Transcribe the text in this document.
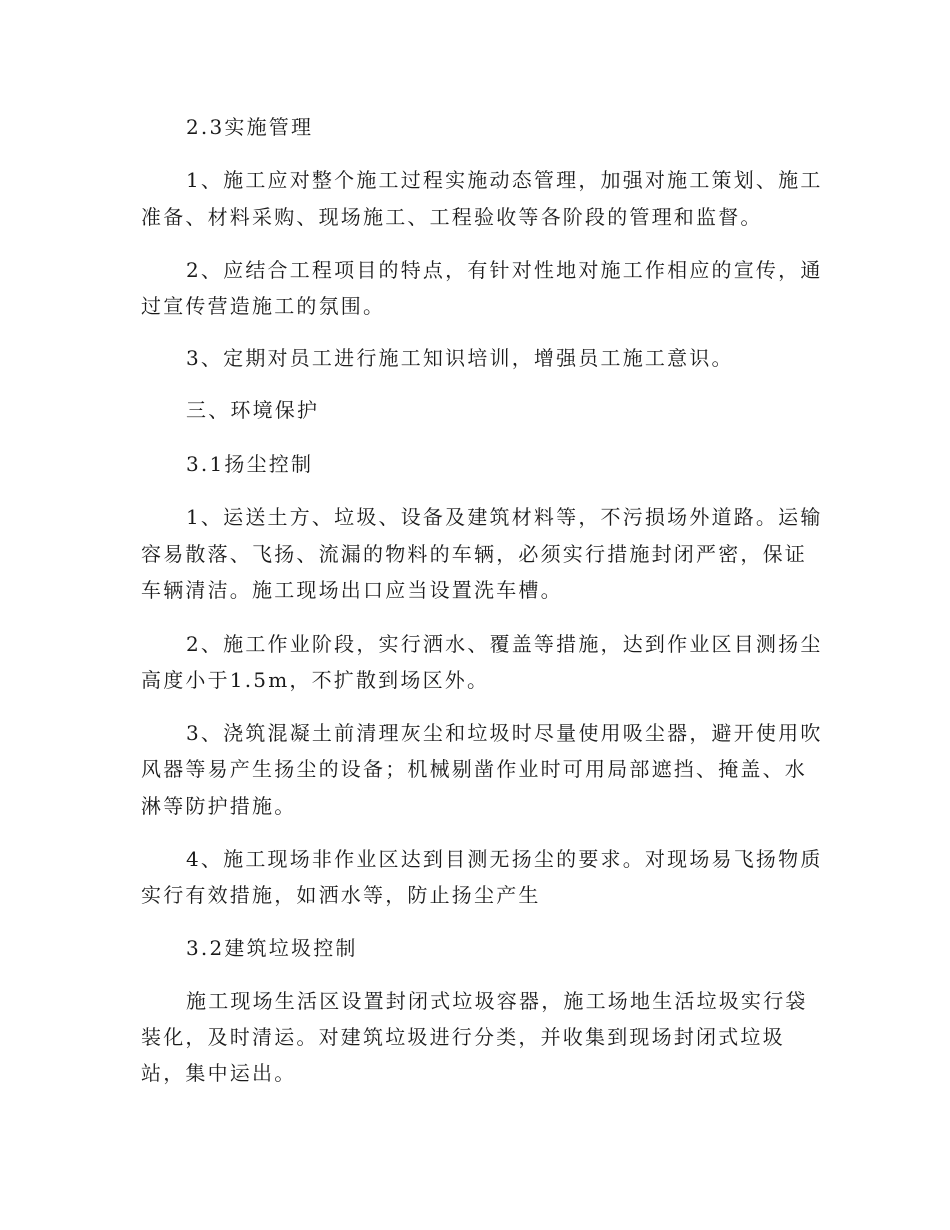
2.3实施管理
1、施工应对整个施工过程实施动态管理，加强对施工策划、施工
准备、材料采购、现场施工、工程验收等各阶段的管理和监督。
2、应结合工程项目的特点，有针对性地对施工作相应的宣传，通
过宣传营造施工的氛围。
3、定期对员工进行施工知识培训，增强员工施工意识。
三、环境保护
3.1扬尘控制
1、运送土方、垃圾、设备及建筑材料等，不污损场外道路。运输
容易散落、飞扬、流漏的物料的车辆，必须实行措施封闭严密，保证
车辆清洁。施工现场出口应当设置洗车槽。
2、施工作业阶段，实行洒水、覆盖等措施，达到作业区目测扬尘
高度小于1.5m，不扩散到场区外。
3、浇筑混凝土前清理灰尘和垃圾时尽量使用吸尘器，避开使用吹
风器等易产生扬尘的设备；机械剔凿作业时可用局部遮挡、掩盖、水
淋等防护措施。
4、施工现场非作业区达到目测无扬尘的要求。对现场易飞扬物质
实行有效措施，如洒水等，防止扬尘产生
3.2建筑垃圾控制
施工现场生活区设置封闭式垃圾容器，施工场地生活垃圾实行袋
装化，及时清运。对建筑垃圾进行分类，并收集到现场封闭式垃圾
站，集中运出。
